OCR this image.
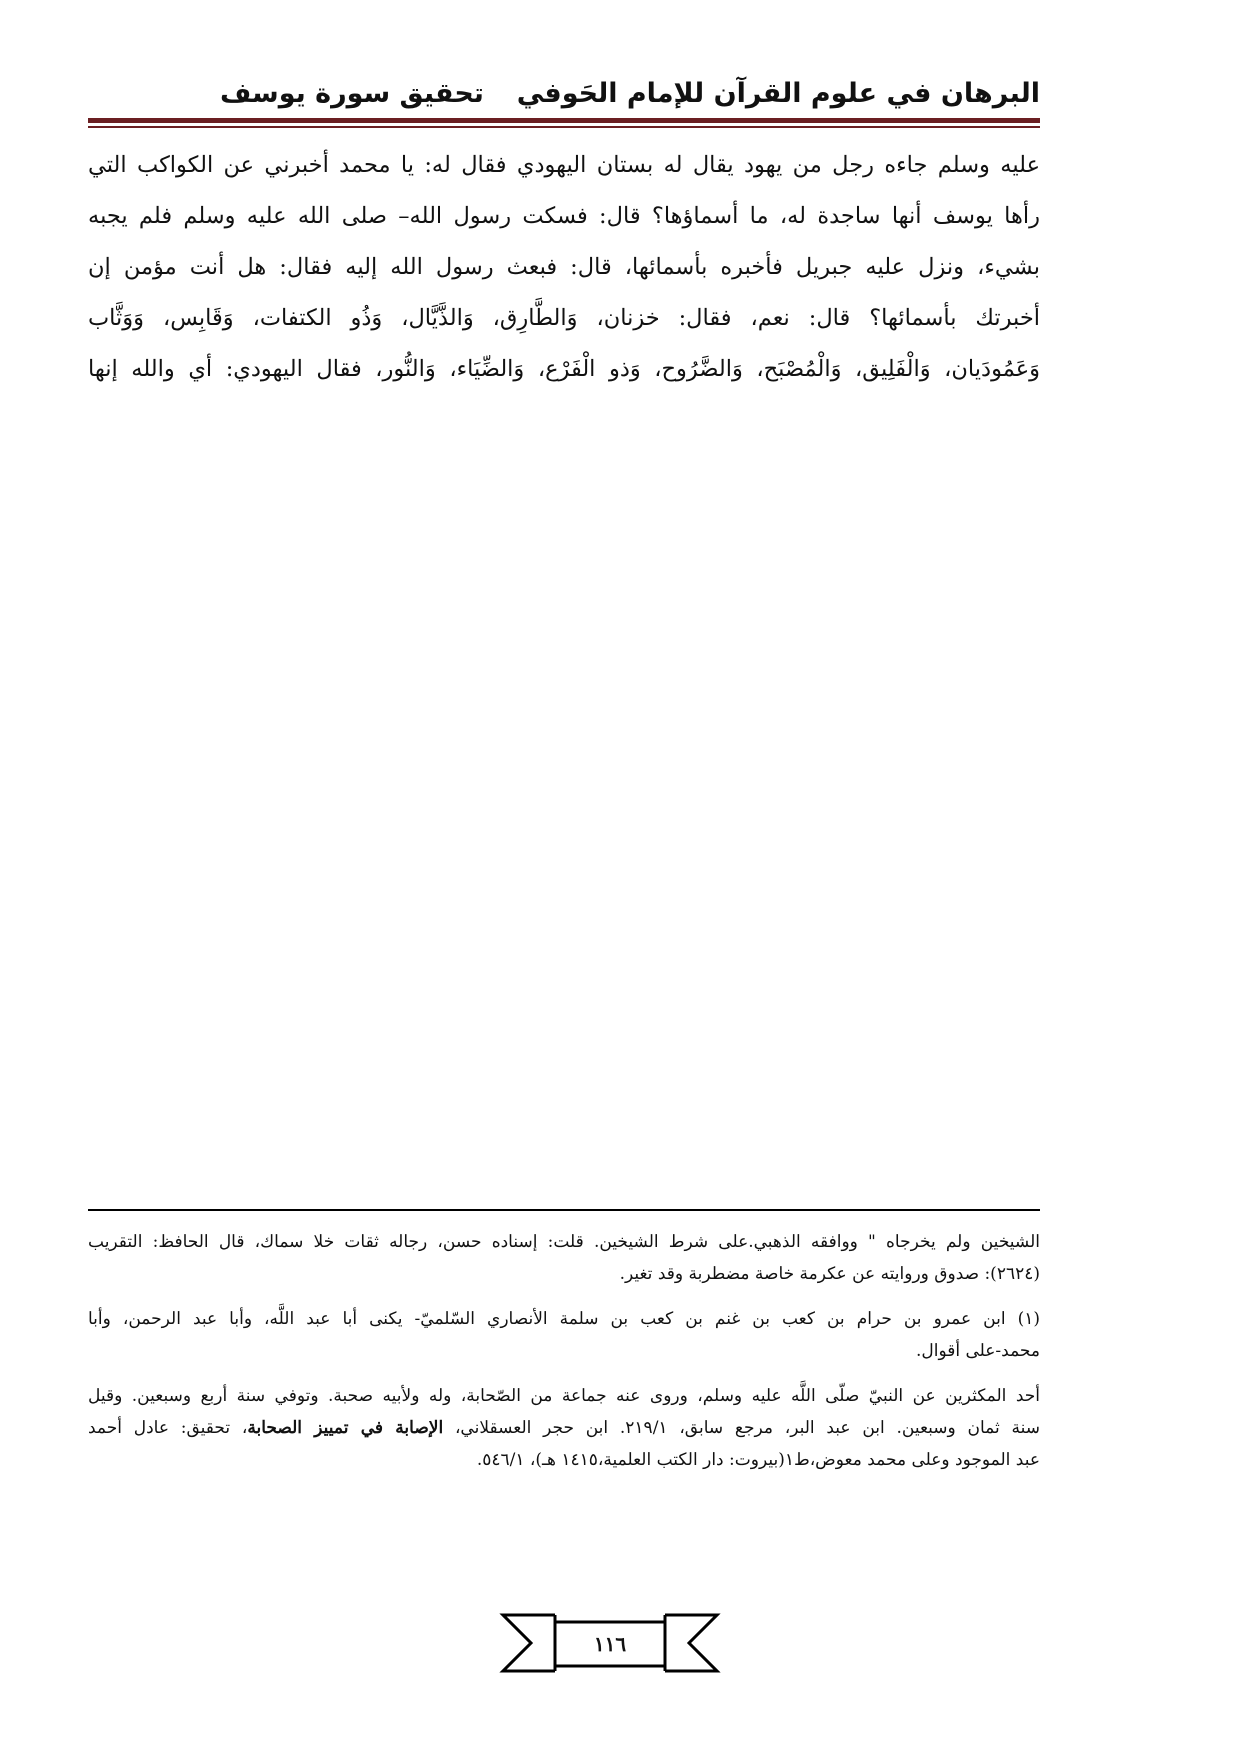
البرهان في علوم القرآن للإمام الحَوفي
تحقيق سورة يوسف
عليه وسلم جاءه رجل من يهود يقال له بستان اليهودي فقال له: يا محمد أخبرني عن الكواكب التي
رأها يوسف أنها ساجدة له، ما أسماؤها؟ قال: فسكت رسول الله– صلى الله عليه وسلم فلم يجبه
بشيء، ونزل عليه جبريل فأخبره بأسمائها، قال: فبعث رسول الله إليه فقال: هل أنت مؤمن إن
أخبرتك بأسمائها؟ قال: نعم، فقال: خزنان، وَالطَّارِق، وَالذَّيَّال، وَذُو الكتفات، وَقَابِس، وَوَثَّاب
وَعَمُودَيان، وَالْفَلِيق، وَالْمُصْبَح، وَالضَّرُوح، وَذو الْفَرْع، وَالضِّيَاء، وَالنُّور، فقال اليهودي: أي والله إنها
الشيخين ولم يخرجاه " ووافقه الذهبي.على شرط الشيخين. قلت: إسناده حسن، رجاله ثقات خلا سماك، قال الحافظ: التقريب
(٢٦٢٤): صدوق وروايته عن عكرمة خاصة مضطربة وقد تغير.
(١) ابن عمرو بن حرام بن كعب بن غنم بن كعب بن سلمة الأنصاري السّلميّ- يكنى أبا عبد اللَّه، وأبا عبد الرحمن، وأبا
محمد-على أقوال.
أحد المكثرين عن النبيّ صلّى اللَّه عليه وسلم، وروى عنه جماعة من الصّحابة، وله ولأبيه صحبة. وتوفي سنة أربع وسبعين. وقيل
سنة ثمان وسبعين. ابن عبد البر، مرجع سابق، ٢١٩/١. ابن حجر العسقلاني، الإصابة في تمييز الصحابة، تحقيق: عادل أحمد
عبد الموجود وعلى محمد معوض،ط١(بيروت: دار الكتب العلمية،١٤١٥ هـ)، ٥٤٦/١.
١١٦
